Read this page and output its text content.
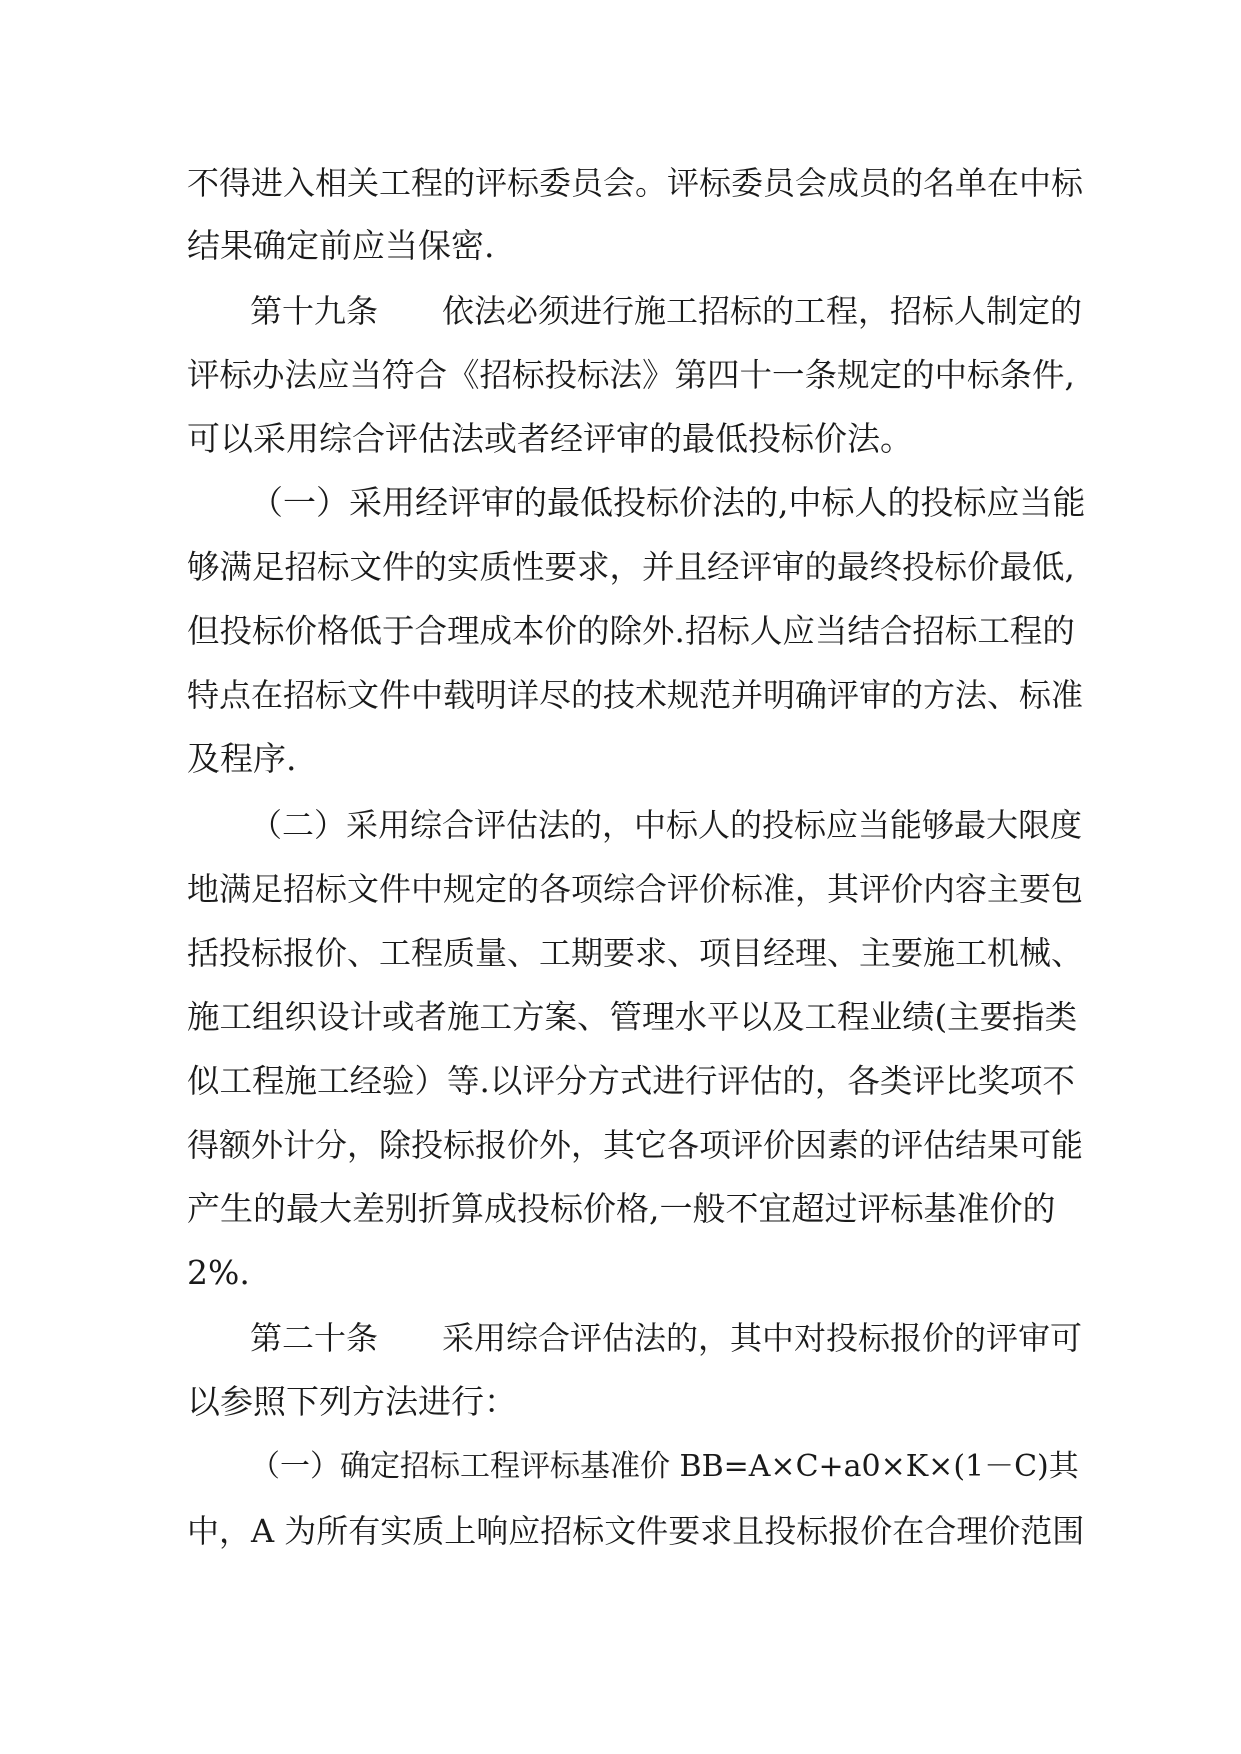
不得进入相关工程的评标委员会。评标委员会成员的名单在中标
结果确定前应当保密.
第十九条　　依法必须进行施工招标的工程，招标人制定的
评标办法应当符合《招标投标法》第四十一条规定的中标条件,
可以采用综合评估法或者经评审的最低投标价法。
（一）采用经评审的最低投标价法的,中标人的投标应当能
够满足招标文件的实质性要求，并且经评审的最终投标价最低,
但投标价格低于合理成本价的除外.招标人应当结合招标工程的
特点在招标文件中载明详尽的技术规范并明确评审的方法、标准
及程序.
（二）采用综合评估法的，中标人的投标应当能够最大限度
地满足招标文件中规定的各项综合评价标准，其评价内容主要包
括投标报价、工程质量、工期要求、项目经理、主要施工机械、
施工组织设计或者施工方案、管理水平以及工程业绩(主要指类
似工程施工经验）等.以评分方式进行评估的，各类评比奖项不
得额外计分，除投标报价外，其它各项评价因素的评估结果可能
产生的最大差别折算成投标价格,一般不宜超过评标基准价的
2%.
第二十条　　采用综合评估法的，其中对投标报价的评审可
以参照下列方法进行：
（一）确定招标工程评标基准价 BB=A×C+a0×K×(1－C)其
中，A 为所有实质上响应招标文件要求且投标报价在合理价范围
